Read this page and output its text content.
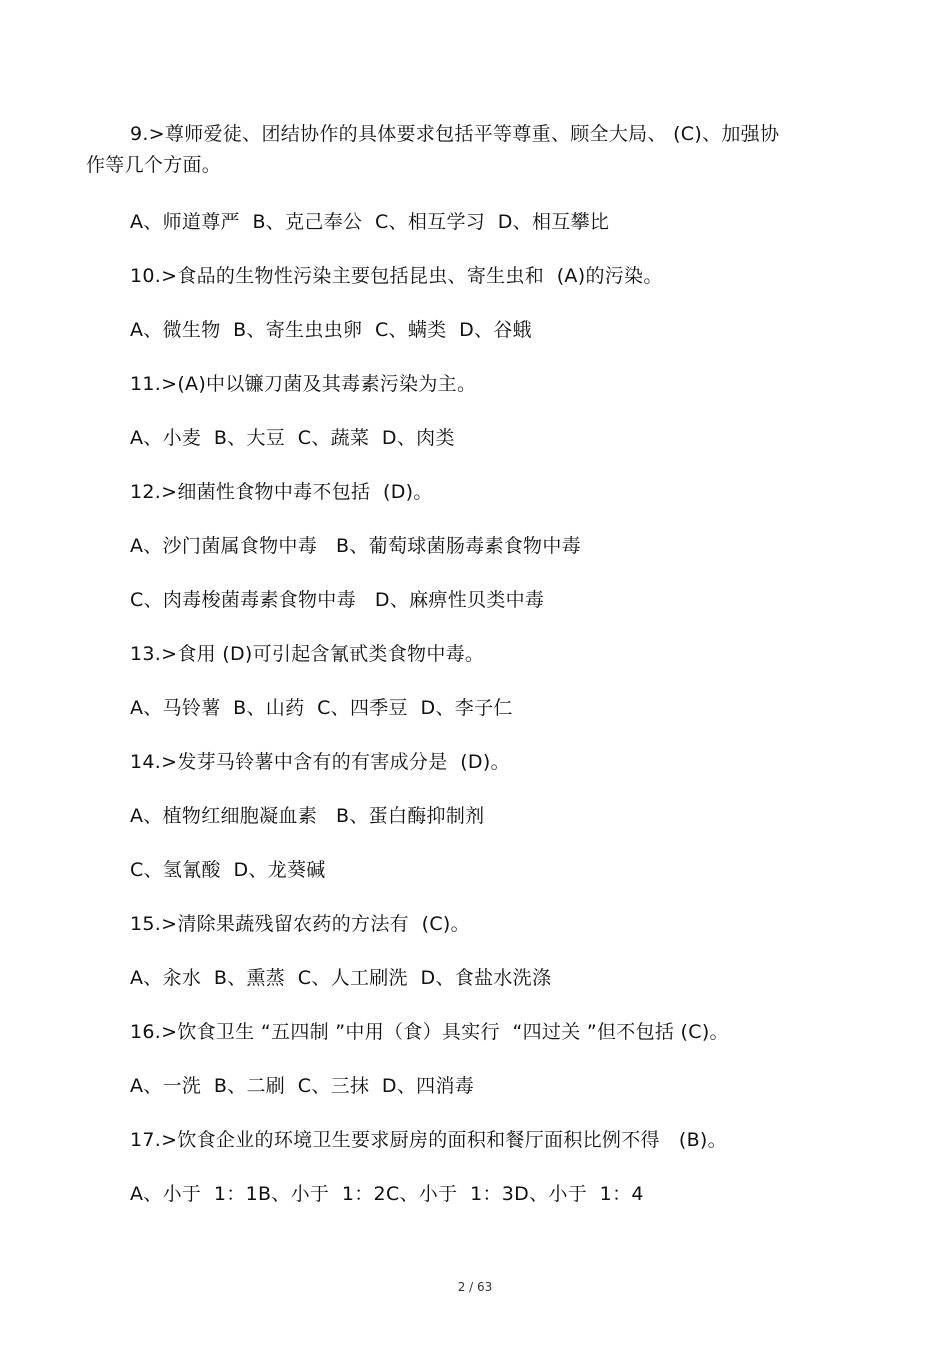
9.>尊师爱徒、团结协作的具体要求包括平等尊重、顾全大局、 (C)、加强协
作等几个方面。
A、师道尊严  B、克己奉公  C、相互学习  D、相互攀比
10.>食品的生物性污染主要包括昆虫、寄生虫和  (A)的污染。
A、微生物  B、寄生虫虫卵  C、螨类  D、谷蛾
11.>(A)中以镰刀菌及其毒素污染为主。
A、小麦  B、大豆  C、蔬菜  D、肉类
12.>细菌性食物中毒不包括  (D)。
A、沙门菌属食物中毒   B、葡萄球菌肠毒素食物中毒
C、肉毒梭菌毒素食物中毒   D、麻痹性贝类中毒
13.>食用 (D)可引起含氰甙类食物中毒。
A、马铃薯  B、山药  C、四季豆  D、李子仁
14.>发芽马铃薯中含有的有害成分是  (D)。
A、植物红细胞凝血素   B、蛋白酶抑制剂
C、氢氰酸  D、龙葵碱
15.>清除果蔬残留农药的方法有  (C)。
A、汆水  B、熏蒸  C、人工刷洗  D、食盐水洗涤
16.>饮食卫生 “五四制 ”中用（食）具实行  “四过关 ”但不包括 (C)。
A、一洗  B、二刷  C、三抹  D、四消毒
17.>饮食企业的环境卫生要求厨房的面积和餐厅面积比例不得   (B)。
A、小于  1：1B、小于  1：2C、小于  1：3D、小于  1：4
2 / 63
